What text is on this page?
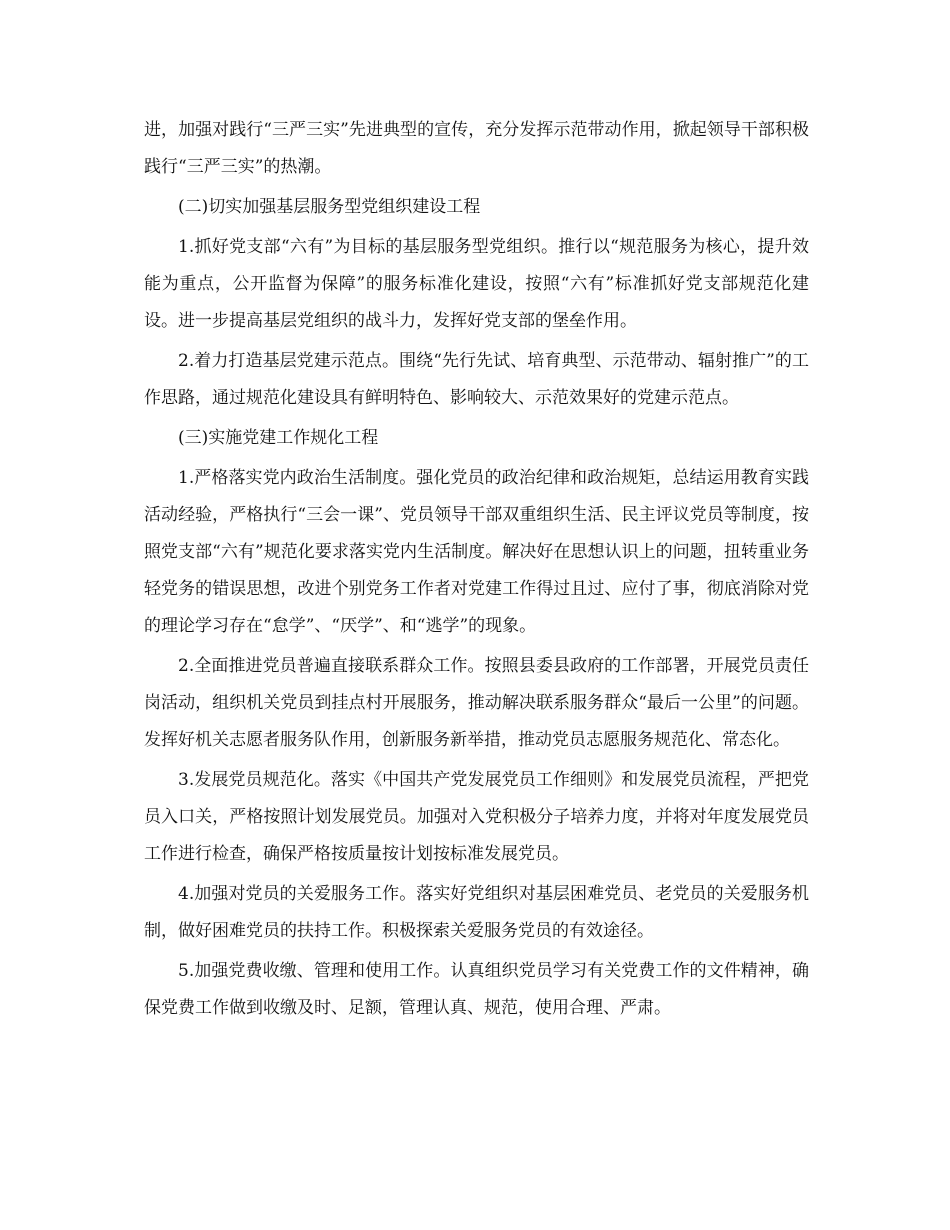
进，加强对践行“三严三实”先进典型的宣传，充分发挥示范带动作用，掀起领导干部积极践行“三严三实”的热潮。

(二)切实加强基层服务型党组织建设工程

1.抓好党支部“六有”为目标的基层服务型党组织。推行以“规范服务为核心，提升效能为重点，公开监督为保障”的服务标准化建设，按照“六有”标准抓好党支部规范化建设。进一步提高基层党组织的战斗力，发挥好党支部的堡垒作用。

2.着力打造基层党建示范点。围绕“先行先试、培育典型、示范带动、辐射推广”的工作思路，通过规范化建设具有鲜明特色、影响较大、示范效果好的党建示范点。

(三)实施党建工作规化工程

1.严格落实党内政治生活制度。强化党员的政治纪律和政治规矩，总结运用教育实践活动经验，严格执行“三会一课”、党员领导干部双重组织生活、民主评议党员等制度，按照党支部“六有”规范化要求落实党内生活制度。解决好在思想认识上的问题，扭转重业务轻党务的错误思想，改进个别党务工作者对党建工作得过且过、应付了事，彻底消除对党的理论学习存在“怠学”、“厌学”、和“逃学”的现象。

2.全面推进党员普遍直接联系群众工作。按照县委县政府的工作部署，开展党员责任岗活动，组织机关党员到挂点村开展服务，推动解决联系服务群众“最后一公里”的问题。发挥好机关志愿者服务队作用，创新服务新举措，推动党员志愿服务规范化、常态化。

3.发展党员规范化。落实《中国共产党发展党员工作细则》和发展党员流程，严把党员入口关，严格按照计划发展党员。加强对入党积极分子培养力度，并将对年度发展党员工作进行检查，确保严格按质量按计划按标准发展党员。

4.加强对党员的关爱服务工作。落实好党组织对基层困难党员、老党员的关爱服务机制，做好困难党员的扶持工作。积极探索关爱服务党员的有效途径。

5.加强党费收缴、管理和使用工作。认真组织党员学习有关党费工作的文件精神，确保党费工作做到收缴及时、足额，管理认真、规范，使用合理、严肃。
